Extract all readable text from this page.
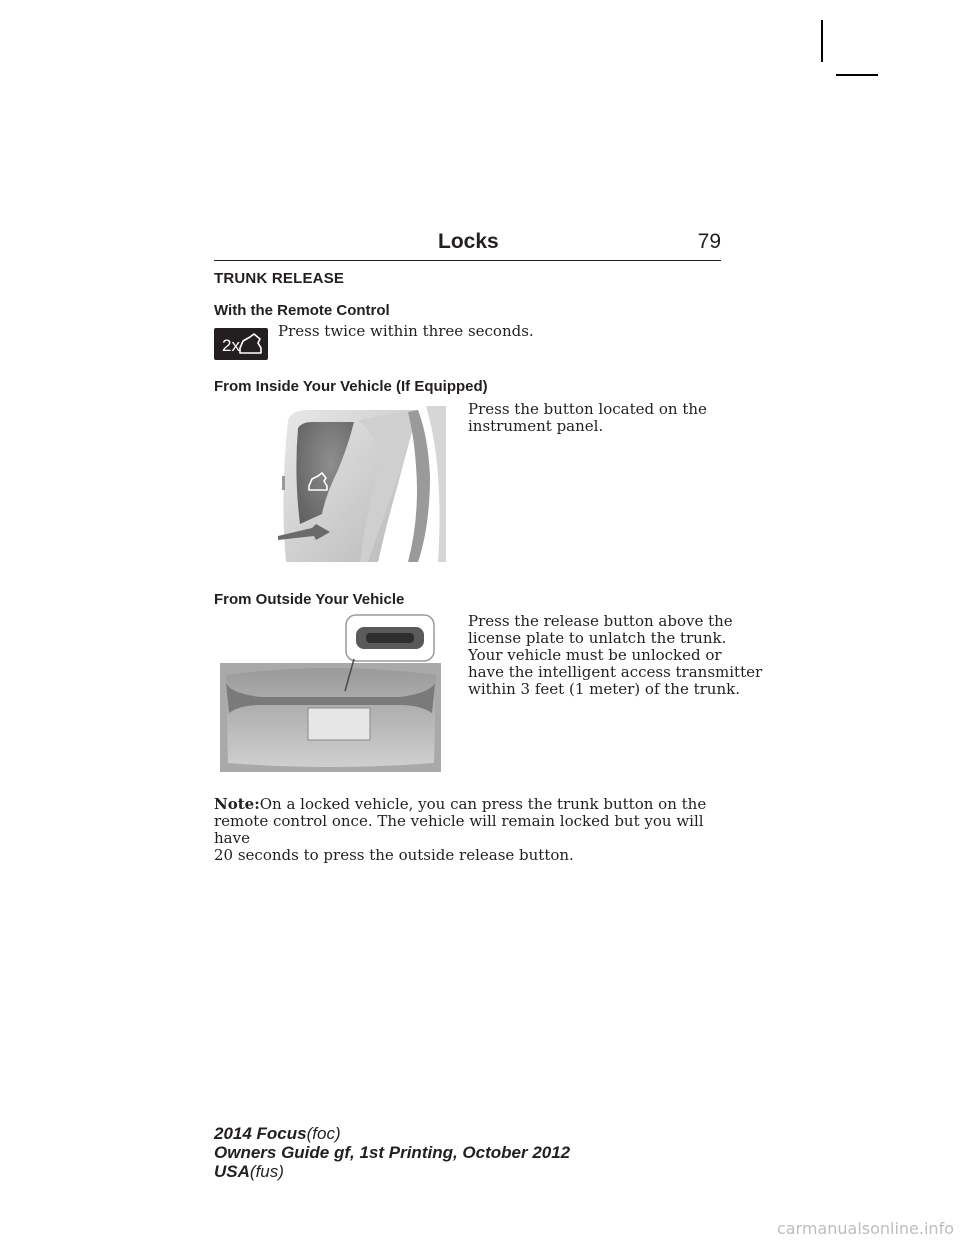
Locks	79
TRUNK RELEASE
With the Remote Control
2x
Press twice within three seconds.
From Inside Your Vehicle (If Equipped)
Press the button located on the
instrument panel.
From Outside Your Vehicle
Press the release button above the
license plate to unlatch the trunk.
Your vehicle must be unlocked or
have the intelligent access transmitter
within 3 feet (1 meter) of the trunk.
Note:On a locked vehicle, you can press the trunk button on the
remote control once. The vehicle will remain locked but you will have
20 seconds to press the outside release button.
2014 Focus(foc)
Owners Guide gf, 1st Printing, October 2012
USA(fus)
carmanualsonline.info
